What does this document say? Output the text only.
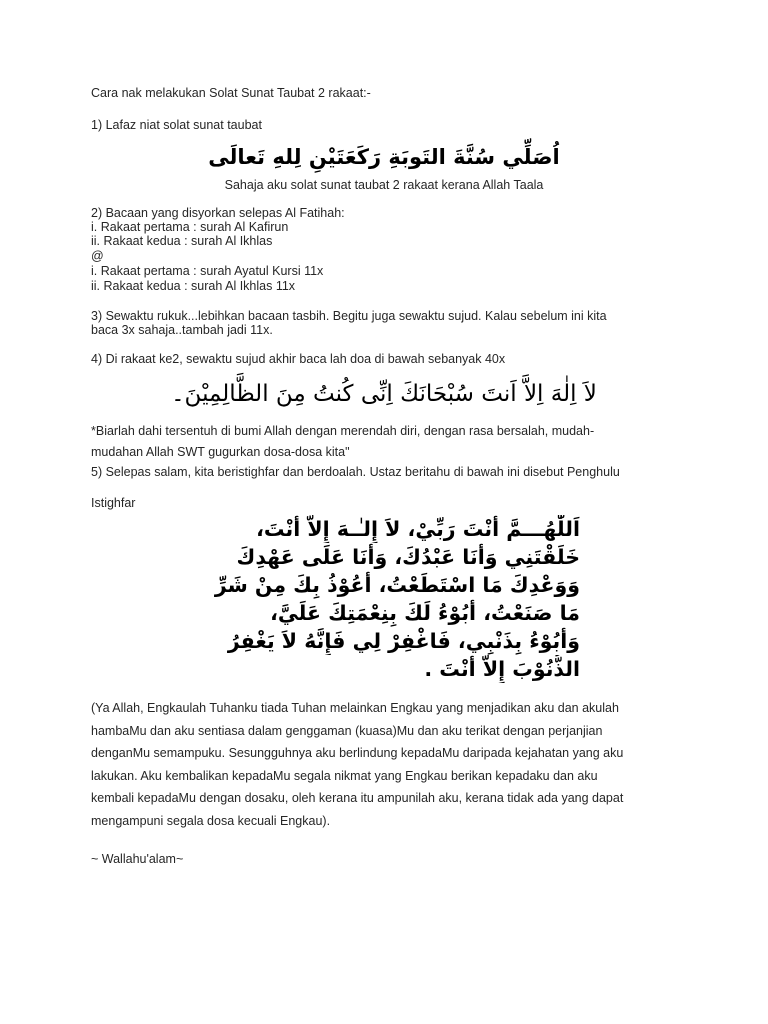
Cara nak melakukan Solat Sunat Taubat 2 rakaat:-
1) Lafaz niat solat sunat taubat
اُصَلِّي سُنَّةَ التَوبَةِ رَكَعَتَيْنِ لِلهِ تَعالَى
Sahaja aku solat sunat taubat 2 rakaat kerana Allah Taala
2) Bacaan yang disyorkan selepas Al Fatihah:
i. Rakaat pertama : surah Al Kafirun
ii. Rakaat kedua : surah Al Ikhlas
@
i. Rakaat pertama : surah Ayatul Kursi 11x
ii. Rakaat kedua : surah Al Ikhlas 11x
3) Sewaktu rukuk...lebihkan bacaan tasbih. Begitu juga sewaktu sujud. Kalau sebelum ini kita
baca 3x sahaja..tambah jadi 11x.
4) Di rakaat ke2, sewaktu sujud akhir baca lah doa di bawah sebanyak 40x
لاَ اِلٰهَ اِلاَّ اَنتَ سُبْحَانَكَ اِنِّى كُنتُ مِنَ الظَّالِمِيْنَ۔
*Biarlah dahi tersentuh di bumi Allah dengan merendah diri, dengan rasa bersalah, mudah-
mudahan Allah SWT gugurkan dosa-dosa kita"
5) Selepas salam, kita beristighfar dan berdoalah. Ustaz beritahu di bawah ini disebut Penghulu
Istighfar
اَللّٰهُـــمَّ أَنْتَ رَبِّيْ، لاَ إِلـٰـهَ إِلاَّ أَنْتَ،
خَلَقْتَنِي وَأَنَا عَبْدُكَ، وَأَنَا عَلَى عَهْدِكَ
وَوَعْدِكَ مَا اسْتَطَعْتُ، أَعُوْذُ بِكَ مِنْ شَرِّ
مَا صَنَعْتُ، أَبُوْءُ لَكَ بِنِعْمَتِكَ عَلَيَّ،
وَأَبُوْءُ بِذَنْبِي، فَاغْفِرْ لِي فَإِنَّهُ لاَ يَغْفِرُ
الذُّنُوْبَ إِلاَّ أَنْتَ .
(Ya Allah, Engkaulah Tuhanku tiada Tuhan melainkan Engkau yang menjadikan aku dan akulah
hambaMu dan aku sentiasa dalam genggaman (kuasa)Mu dan aku terikat dengan perjanjian
denganMu semampuku. Sesungguhnya aku berlindung kepadaMu daripada kejahatan yang aku
lakukan. Aku kembalikan kepadaMu segala nikmat yang Engkau berikan kepadaku dan aku
kembali kepadaMu dengan dosaku, oleh kerana itu ampunilah aku, kerana tidak ada yang dapat
mengampuni segala dosa kecuali Engkau).
~ Wallahu'alam~
